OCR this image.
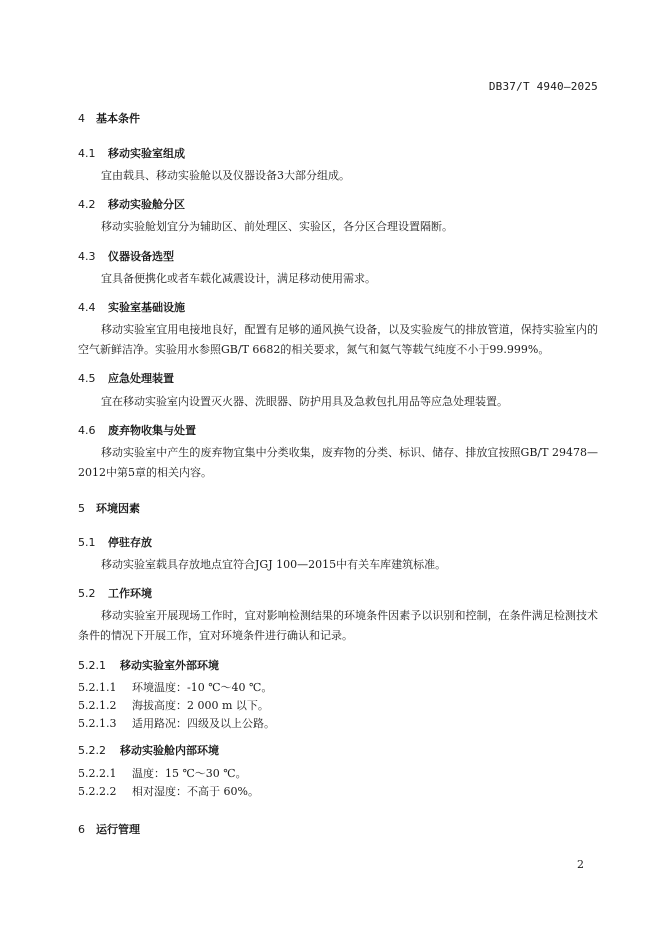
DB37/T 4940—2025
4 基本条件
4.1 移动实验室组成
宜由载具、移动实验舱以及仪器设备3大部分组成。
4.2 移动实验舱分区
移动实验舱划宜分为辅助区、前处理区、实验区，各分区合理设置隔断。
4.3 仪器设备选型
宜具备便携化或者车载化减震设计，满足移动使用需求。
4.4 实验室基础设施
移动实验室宜用电接地良好，配置有足够的通风换气设备，以及实验废气的排放管道，保持实验室内的空气新鲜洁净。实验用水参照GB/T 6682的相关要求，氮气和氦气等载气纯度不小于99.999%。
4.5 应急处理装置
宜在移动实验室内设置灭火器、洗眼器、防护用具及急救包扎用品等应急处理装置。
4.6 废弃物收集与处置
移动实验室中产生的废弃物宜集中分类收集，废弃物的分类、标识、储存、排放宜按照GB/T 29478—2012中第5章的相关内容。
5 环境因素
5.1 停驻存放
移动实验室载具存放地点宜符合JGJ 100—2015中有关车库建筑标准。
5.2 工作环境
移动实验室开展现场工作时，宜对影响检测结果的环境条件因素予以识别和控制，在条件满足检测技术条件的情况下开展工作，宜对环境条件进行确认和记录。
5.2.1 移动实验室外部环境
5.2.1.1 环境温度：-10 ℃～40 ℃。
5.2.1.2 海拔高度：2 000 m 以下。
5.2.1.3 适用路况：四级及以上公路。
5.2.2 移动实验舱内部环境
5.2.2.1 温度：15 ℃～30 ℃。
5.2.2.2 相对湿度：不高于 60%。
6 运行管理
2
